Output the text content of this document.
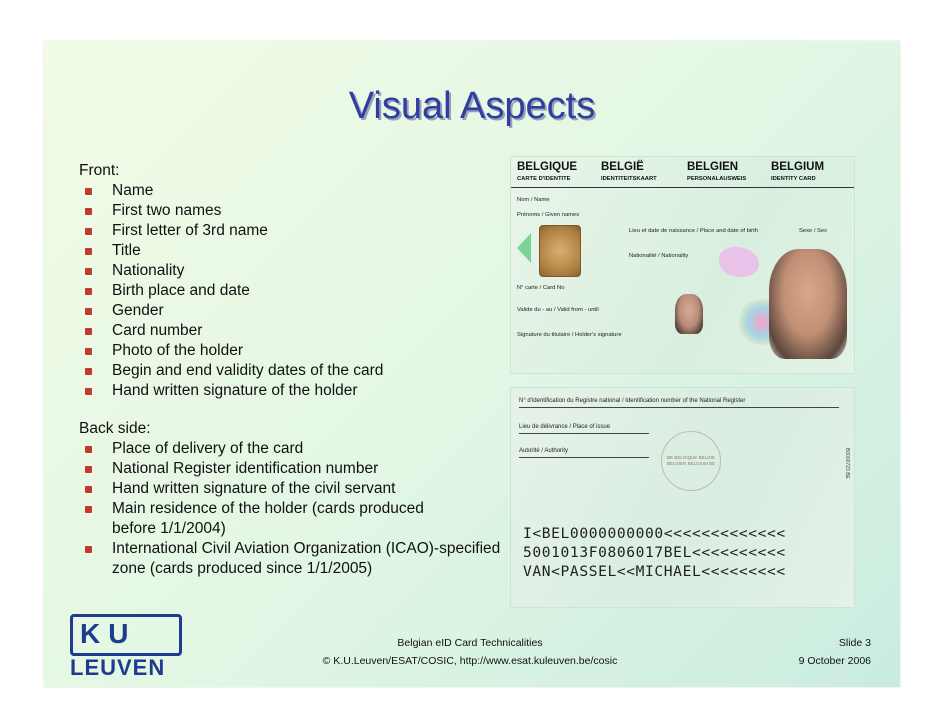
Visual Aspects
Front:
Name
First two names
First letter of 3rd name
Title
Nationality
Birth place and date
Gender
Card number
Photo of the holder
Begin and end validity dates of the card
Hand written signature of the holder
Back side:
Place of delivery of the card
National Register identification number
Hand written signature of the civil servant
Main residence of the holder (cards produced before 1/1/2004)
International Civil Aviation Organization (ICAO)-specified zone (cards produced since 1/1/2005)
BELGIQUE BELGIË	BELGIEN	BELGIUM
CARTE D'IDENTITE	IDENTITEITSKAART	PERSONALAUSWEIS	IDENTITY CARD
Nom / Name
Prénoms / Given names
Lieu et date de naissance / Place and date of birth	Sexe / Sex
Nationalité / Nationality
N° carte / Card No
Valide du - au / Valid from - until
Signature du titulaire / Holder's signature
N° d'identification du Registre national / Identification number of the National Register
Lieu de délivrance / Place of issue
Autorité / Authority
BE BELGIQUE BELGIE BELGIEN BELGIUM BE	B0000723 BE
I<BEL0000000000<<<<<<<<<<<<<
5001013F0806017BEL<<<<<<<<<<
VAN<PASSEL<<MICHAEL<<<<<<<<<
KU
LEUVEN
Belgian eID Card Technicalities
© K.U.Leuven/ESAT/COSIC, http://www.esat.kuleuven.be/cosic
Slide 3
9 October 2006
